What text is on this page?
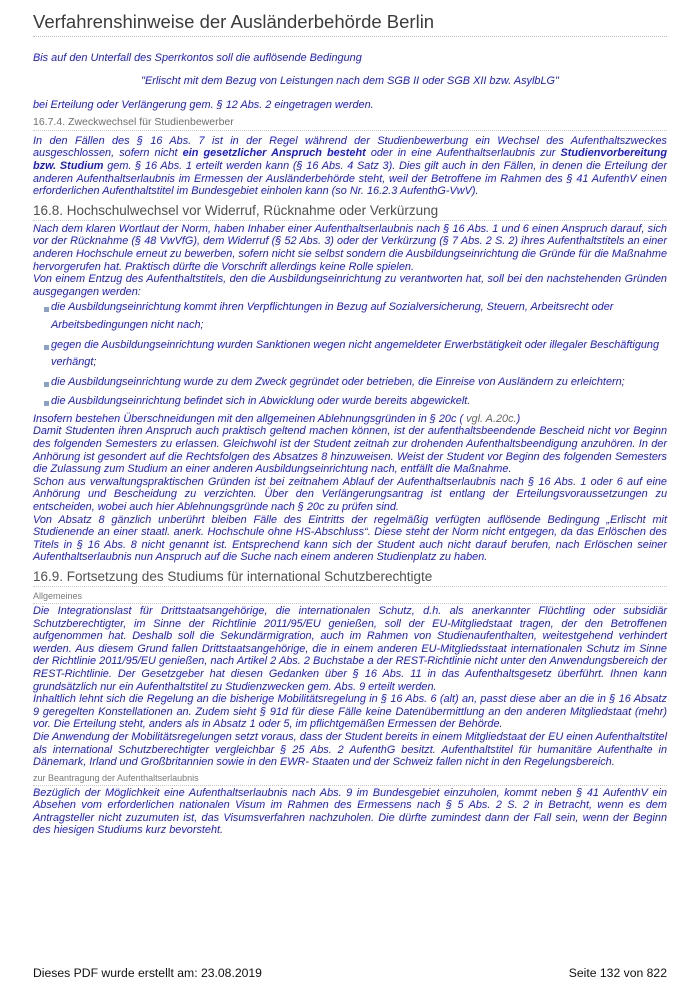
Verfahrenshinweise der Ausländerbehörde Berlin

Bis auf den Unterfall des Sperrkontos soll die auflösende Bedingung

"Erlischt mit dem Bezug von Leistungen nach dem SGB II oder SGB XII bzw. AsylbLG"

bei Erteilung oder Verlängerung gem. § 12 Abs. 2 eingetragen werden.

16.7.4. Zweckwechsel für Studienbewerber

In den Fällen des § 16 Abs. 7 ist in der Regel während der Studienbewerbung ein Wechsel des Aufenthaltszweckes ausgeschlossen, sofern nicht ein gesetzlicher Anspruch besteht oder in eine Aufenthaltserlaubnis zur Studienvorbereitung bzw. Studium gem. § 16 Abs. 1 erteilt werden kann (§ 16 Abs. 4 Satz 3). Dies gilt auch in den Fällen, in denen die Erteilung der anderen Aufenthaltserlaubnis im Ermessen der Ausländerbehörde steht, weil der Betroffene im Rahmen des § 41 AufenthV einen erforderlichen Aufenthaltstitel im Bundesgebiet einholen kann (so Nr. 16.2.3 AufenthG-VwV).

16.8. Hochschulwechsel vor Widerruf, Rücknahme oder Verkürzung

Nach dem klaren Wortlaut der Norm, haben Inhaber einer Aufenthaltserlaubnis nach § 16 Abs. 1 und 6 einen Anspruch darauf, sich vor der Rücknahme (§ 48 VwVfG), dem Widerruf (§ 52 Abs. 3) oder der Verkürzung (§ 7 Abs. 2 S. 2) ihres Aufenthaltstitels an einer anderen Hochschule erneut zu bewerben, sofern nicht sie selbst sondern die Ausbildungseinrichtung die Gründe für die Maßnahme hervorgerufen hat. Praktisch dürfte die Vorschrift allerdings keine Rolle spielen.

Von einem Entzug des Aufenthaltstitels, den die Ausbildungseinrichtung zu verantworten hat, soll bei den nachstehenden Gründen ausgegangen werden:

die Ausbildungseinrichtung kommt ihren Verpflichtungen in Bezug auf Sozialversicherung, Steuern, Arbeitsrecht oder Arbeitsbedingungen nicht nach;
gegen die Ausbildungseinrichtung wurden Sanktionen wegen nicht angemeldeter Erwerbstätigkeit oder illegaler Beschäftigung verhängt;
die Ausbildungseinrichtung wurde zu dem Zweck gegründet oder betrieben, die Einreise von Ausländern zu erleichtern;
die Ausbildungseinrichtung befindet sich in Abwicklung oder wurde bereits abgewickelt.

Insofern bestehen Überschneidungen mit den allgemeinen Ablehnungsgründen in § 20c ( vgl. A.20c.)

Damit Studenten ihren Anspruch auch praktisch geltend machen können, ist der aufenthaltsbeendende Bescheid nicht vor Beginn des folgenden Semesters zu erlassen. Gleichwohl ist der Student zeitnah zur drohenden Aufenthaltsbeendigung anzuhören. In der Anhörung ist gesondert auf die Rechtsfolgen des Absatzes 8 hinzuweisen. Weist der Student vor Beginn des folgenden Semesters die Zulassung zum Studium an einer anderen Ausbildungseinrichtung nach, entfällt die Maßnahme.

Schon aus verwaltungspraktischen Gründen ist bei zeitnahem Ablauf der Aufenthaltserlaubnis nach § 16 Abs. 1 oder 6 auf eine Anhörung und Bescheidung zu verzichten. Über den Verlängerungsantrag ist entlang der Erteilungsvoraussetzungen zu entscheiden, wobei auch hier Ablehnungsgründe nach § 20c zu prüfen sind.

Von Absatz 8 gänzlich unberührt bleiben Fälle des Eintritts der regelmäßig verfügten auflösende Bedingung „Erlischt mit Studienende an einer staatl. anerk. Hochschule ohne HS-Abschluss“. Diese steht der Norm nicht entgegen, da das Erlöschen des Titels in § 16 Abs. 8 nicht genannt ist. Entsprechend kann sich der Student auch nicht darauf berufen, nach Erlöschen seiner Aufenthaltserlaubnis nun Anspruch auf die Suche nach einem anderen Studienplatz zu haben.

16.9. Fortsetzung des Studiums für international Schutzberechtigte
Allgemeines

Die Integrationslast für Drittstaatsangehörige, die internationalen Schutz, d.h. als anerkannter Flüchtling oder subsidiär Schutzberechtigter, im Sinne der Richtlinie 2011/95/EU genießen, soll der EU-Mitgliedstaat tragen, der den Betroffenen aufgenommen hat. Deshalb soll die Sekundärmigration, auch im Rahmen von Studienaufenthalten, weitestgehend verhindert werden. Aus diesem Grund fallen Drittstaatsangehörige, die in einem anderen EU-Mitgliedsstaat internationalen Schutz im Sinne der Richtlinie 2011/95/EU genießen, nach Artikel 2 Abs. 2 Buchstabe a der REST-Richtlinie nicht unter den Anwendungsbereich der REST-Richtlinie. Der Gesetzgeber hat diesen Gedanken über § 16 Abs. 11 in das Aufenthaltsgesetz überführt. Ihnen kann grundsätzlich nur ein Aufenthaltstitel zu Studienzwecken gem. Abs. 9 erteilt werden.

Inhaltlich lehnt sich die Regelung an die bisherige Mobilitätsregelung in § 16 Abs. 6 (alt) an, passt diese aber an die in § 16 Absatz 9 geregelten Konstellationen an. Zudem sieht § 91d für diese Fälle keine Datenübermittlung an den anderen Mitgliedstaat (mehr) vor. Die Erteilung steht, anders als in Absatz 1 oder 5, im pflichtgemäßen Ermessen der Behörde.

Die Anwendung der Mobilitätsregelungen setzt voraus, dass der Student bereits in einem Mitgliedstaat der EU einen Aufenthaltstitel als international Schutzberechtigter vergleichbar § 25 Abs. 2 AufenthG besitzt. Aufenthaltstitel für humanitäre Aufenthalte in Dänemark, Irland und Großbritannien sowie in den EWR- Staaten und der Schweiz fallen nicht in den Regelungsbereich.

zur Beantragung der Aufenthaltserlaubnis

Bezüglich der Möglichkeit eine Aufenthaltserlaubnis nach Abs. 9 im Bundesgebiet einzuholen, kommt neben § 41 AufenthV ein Absehen vom erforderlichen nationalen Visum im Rahmen des Ermessens nach § 5 Abs. 2 S. 2 in Betracht, wenn es dem Antragsteller nicht zuzumuten ist, das Visumsverfahren nachzuholen. Die dürfte zumindest dann der Fall sein, wenn der Beginn des hiesigen Studiums kurz bevorsteht.

Dieses PDF wurde erstellt am: 23.08.2019	Seite 132 von 822
